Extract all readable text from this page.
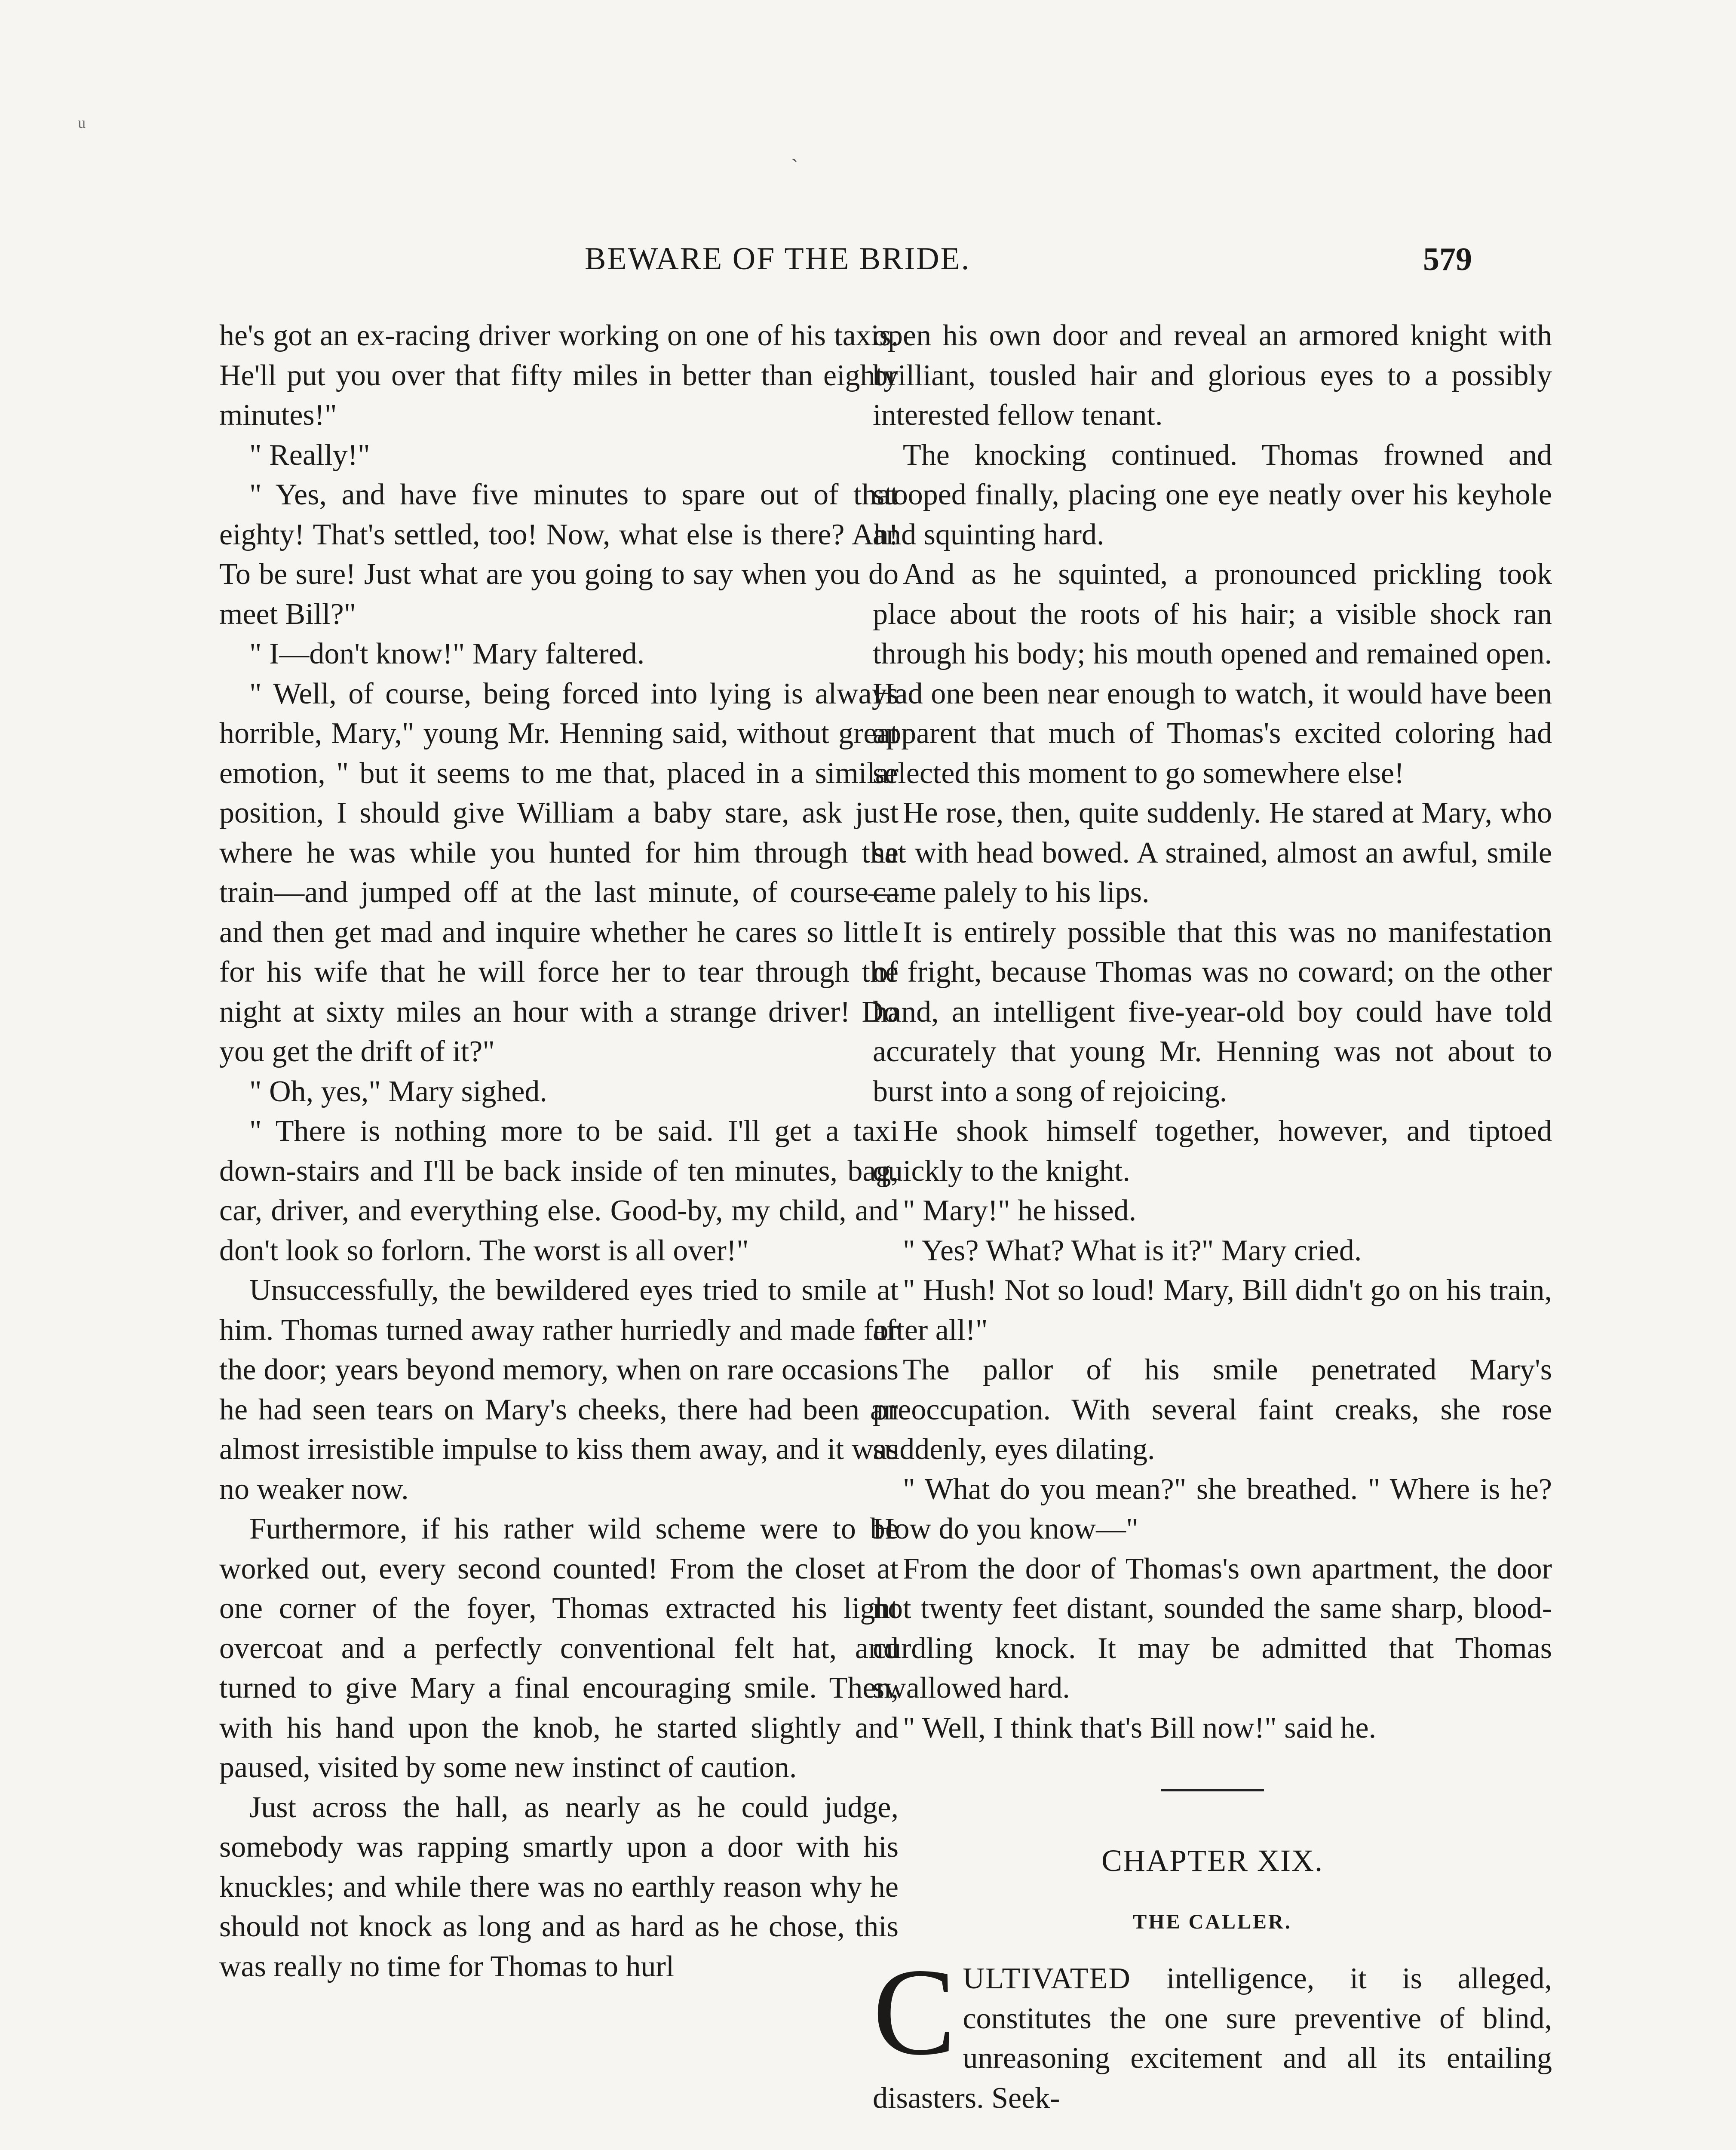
ˏ
BEWARE OF THE BRIDE.	579

he's got an ex-racing driver working on one of his taxis. He'll put you over that fifty miles in better than eighty minutes!"

" Really!"

" Yes, and have five minutes to spare out of that eighty! That's settled, too! Now, what else is there? Ah! To be sure! Just what are you going to say when you do meet Bill?"

" I—don't know!" Mary faltered.

" Well, of course, being forced into lying is always horrible, Mary," young Mr. Henning said, without great emotion, " but it seems to me that, placed in a similar position, I should give William a baby stare, ask just where he was while you hunted for him through the train—and jumped off at the last minute, of course—and then get mad and inquire whether he cares so little for his wife that he will force her to tear through the night at sixty miles an hour with a strange driver! Do you get the drift of it?"

" Oh, yes," Mary sighed.

" There is nothing more to be said. I'll get a taxi down-stairs and I'll be back inside of ten minutes, bag, car, driver, and everything else. Good-by, my child, and don't look so forlorn. The worst is all over!"

Unsuccessfully, the bewildered eyes tried to smile at him. Thomas turned away rather hurriedly and made for the door; years beyond memory, when on rare occasions he had seen tears on Mary's cheeks, there had been an almost irresistible impulse to kiss them away, and it was no weaker now.

Furthermore, if his rather wild scheme were to be worked out, every second counted! From the closet at one corner of the foyer, Thomas extracted his light overcoat and a perfectly conventional felt hat, and turned to give Mary a final encouraging smile. Then, with his hand upon the knob, he started slightly and paused, visited by some new instinct of caution.

Just across the hall, as nearly as he could judge, somebody was rapping smartly upon a door with his knuckles; and while there was no earthly reason why he should not knock as long and as hard as he chose, this was really no time for Thomas to hurl

open his own door and reveal an armored knight with brilliant, tousled hair and glorious eyes to a possibly interested fellow tenant.

The knocking continued. Thomas frowned and stooped finally, placing one eye neatly over his keyhole and squinting hard.

And as he squinted, a pronounced prickling took place about the roots of his hair; a visible shock ran through his body; his mouth opened and remained open. Had one been near enough to watch, it would have been apparent that much of Thomas's excited coloring had selected this moment to go somewhere else!

He rose, then, quite suddenly. He stared at Mary, who sat with head bowed. A strained, almost an awful, smile came palely to his lips.

It is entirely possible that this was no manifestation of fright, because Thomas was no coward; on the other hand, an intelligent five-year-old boy could have told accurately that young Mr. Henning was not about to burst into a song of rejoicing.

He shook himself together, however, and tiptoed quickly to the knight.

" Mary!" he hissed.

" Yes? What? What is it?" Mary cried.

" Hush! Not so loud! Mary, Bill didn't go on his train, after all!"

The pallor of his smile penetrated Mary's preoccupation. With several faint creaks, she rose suddenly, eyes dilating.

" What do you mean?" she breathed. " Where is he? How do you know—"

From the door of Thomas's own apartment, the door not twenty feet distant, sounded the same sharp, blood-curdling knock. It may be admitted that Thomas swallowed hard.

" Well, I think that's Bill now!" said he.

CHAPTER XIX.
THE CALLER.

CULTIVATED intelligence, it is alleged, constitutes the one sure preventive of blind, unreasoning excitement and all its entailing disasters. Seek-
